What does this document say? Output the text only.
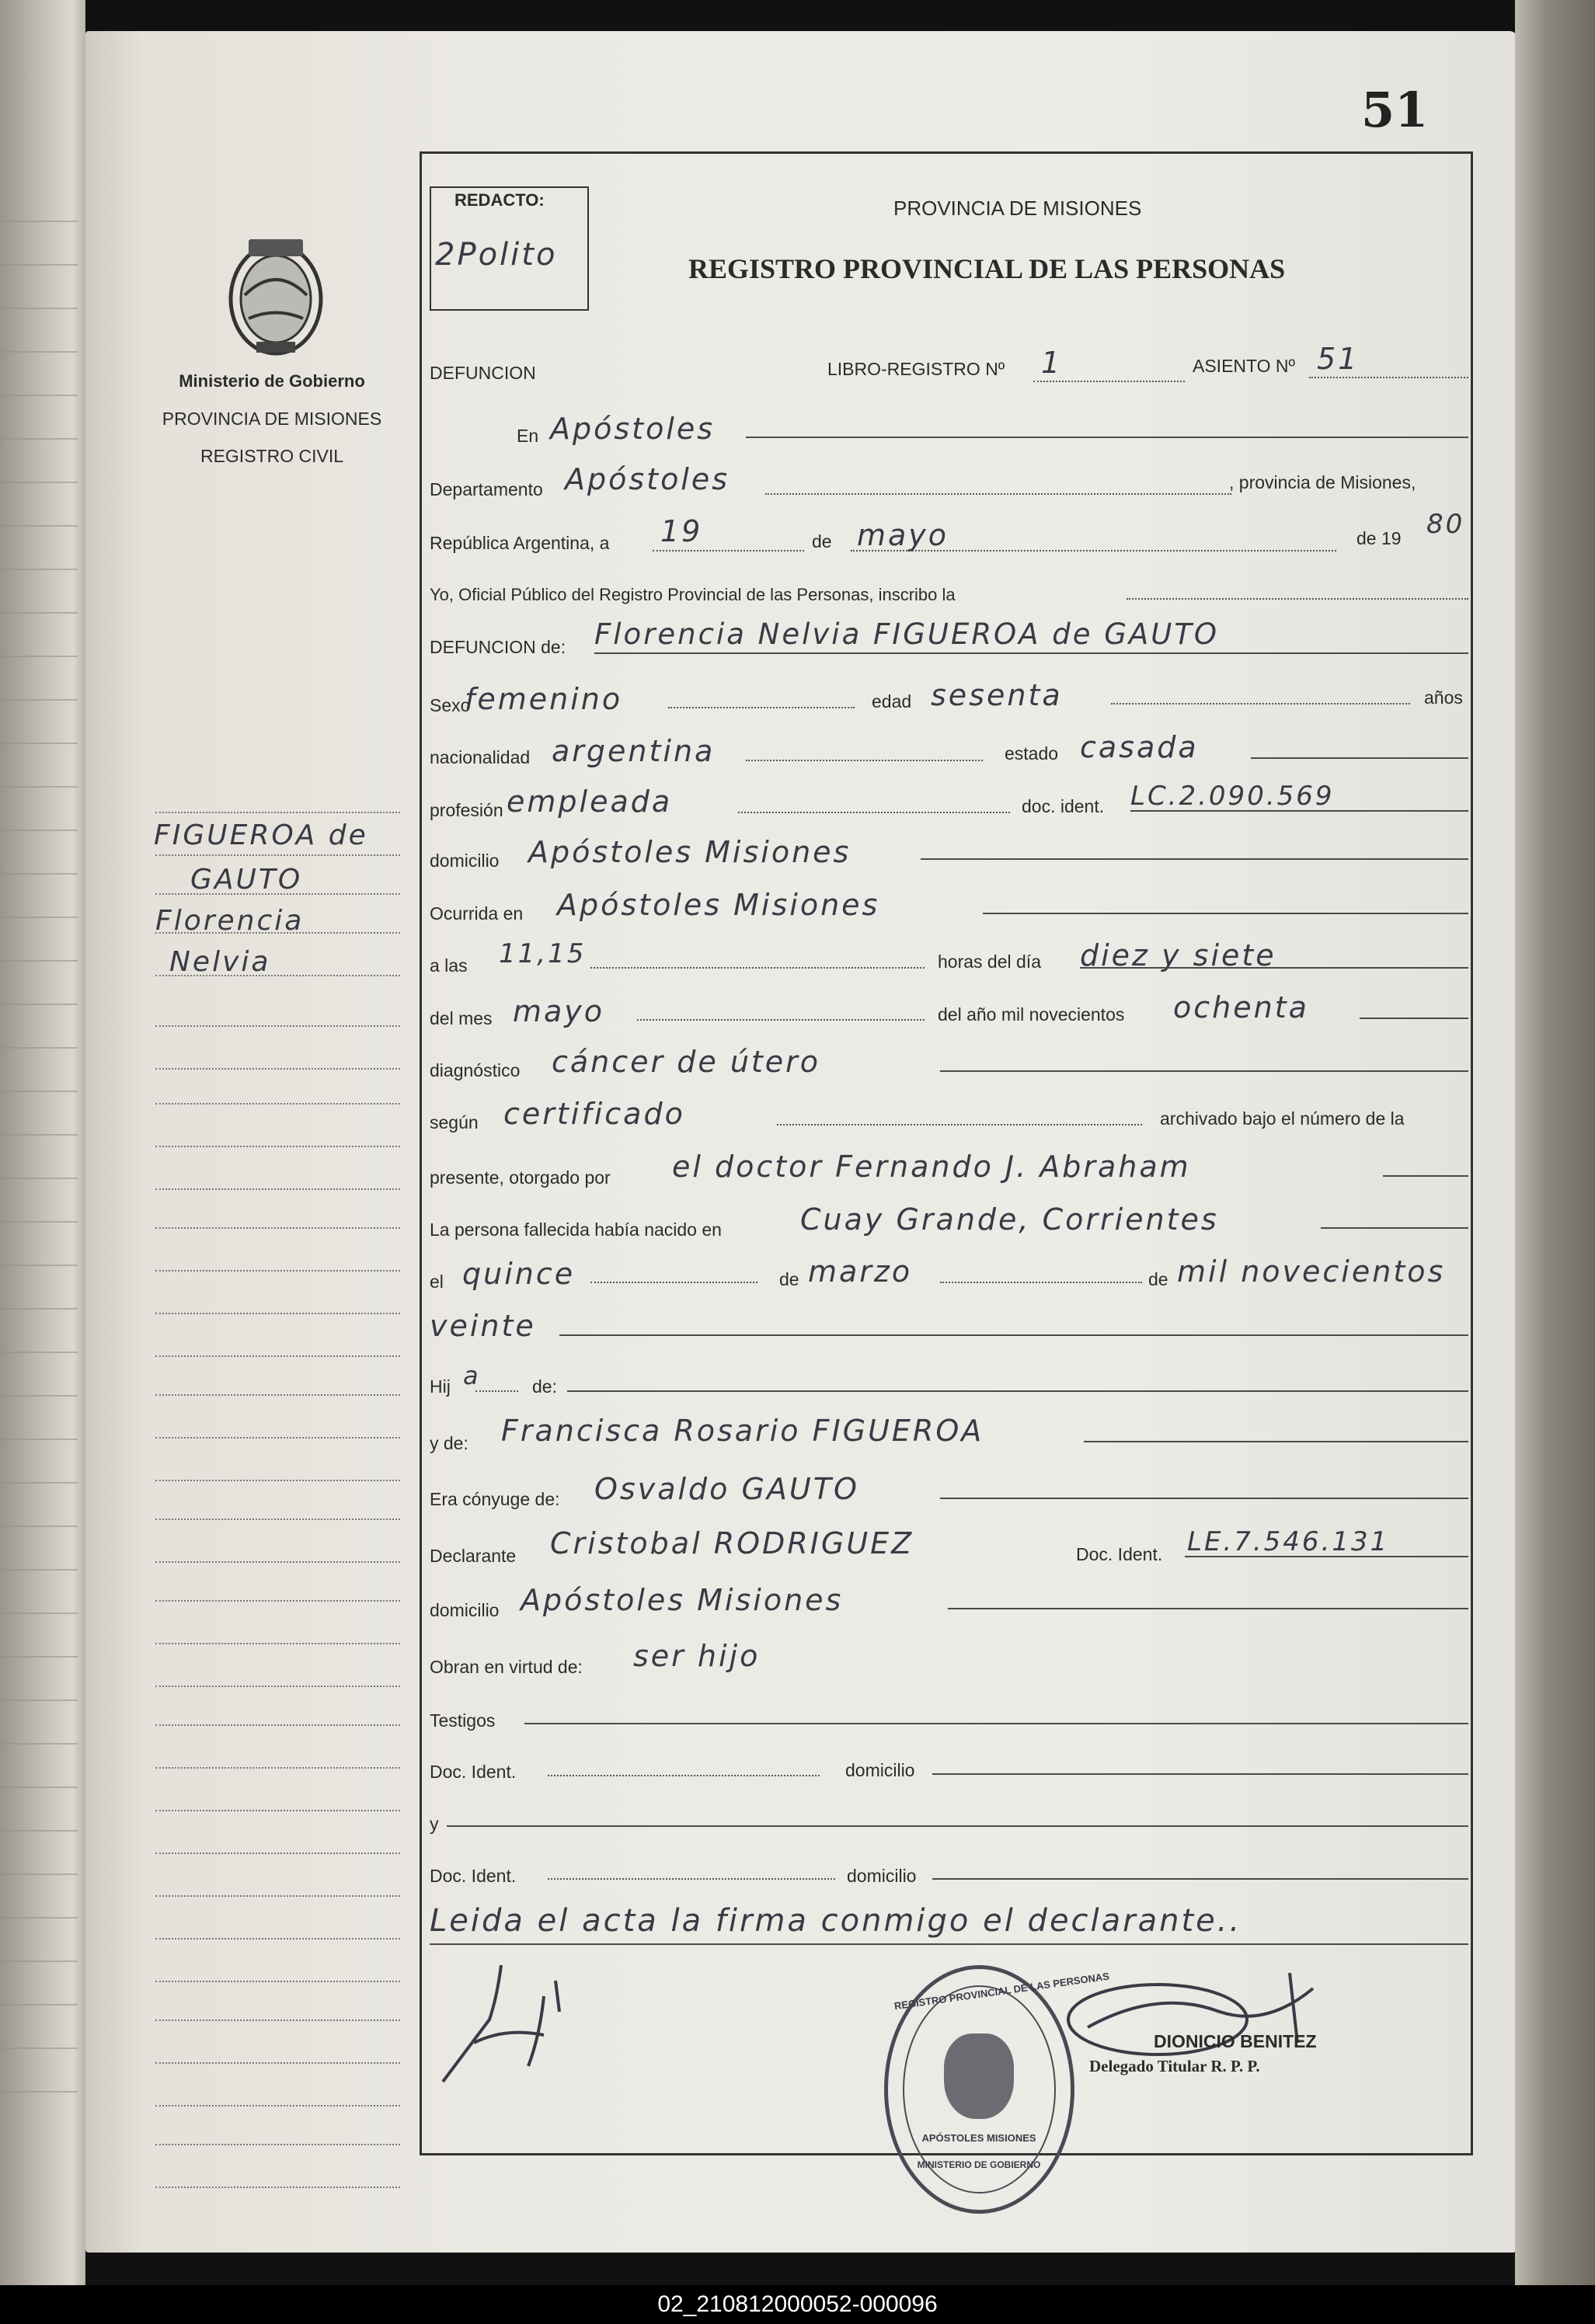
51
Ministerio de Gobierno
PROVINCIA DE MISIONES
REGISTRO CIVIL
FIGUEROA de
GAUTO
Florencia
Nelvia
REDACTO:
2Polito
PROVINCIA DE MISIONES
REGISTRO PROVINCIAL DE LAS PERSONAS
DEFUNCION	LIBRO-REGISTRO Nº 1	ASIENTO Nº 51
En Apóstoles
Departamento Apóstoles	, provincia de Misiones,
República Argentina, a 19	de mayo	de 19 80
Yo, Oficial Público del Registro Provincial de las Personas, inscribo la
DEFUNCION de: Florencia Nelvia FIGUEROA de GAUTO
Sexo
femenino	edad sesenta	años
nacionalidad argentina	estado casada
profesión empleada	doc. ident. LC.2.090.569
domicilio Apóstoles Misiones
Ocurrida en Apóstoles Misiones
a las 11,15	horas del día diez y siete
del mes mayo	del año mil novecientos ochenta
diagnóstico cáncer de útero
según certificado	archivado bajo el número de la
presente, otorgado por el doctor Fernando J. Abraham
La persona fallecida había nacido en	Cuay Grande, Corrientes
el quince	de marzo	de mil novecientos
veinte
Hij a	de:
y de: Francisca Rosario FIGUEROA
Era cónyuge de: Osvaldo GAUTO
Declarante Cristobal RODRIGUEZ	Doc. Ident. LE.7.546.131
domicilio Apóstoles Misiones
Obran en virtud de: ser hijo
Testigos
Doc. Ident.	domicilio
y
Doc. Ident.	domicilio
Leida el acta la firma conmigo el declarante..
REGISTRO PROVINCIAL DE LAS PERSONAS
APÓSTOLES MISIONES
MINISTERIO DE GOBIERNO
DIONICIO BENITEZ
Delegado Titular R. P. P.
02_210812000052-000096
